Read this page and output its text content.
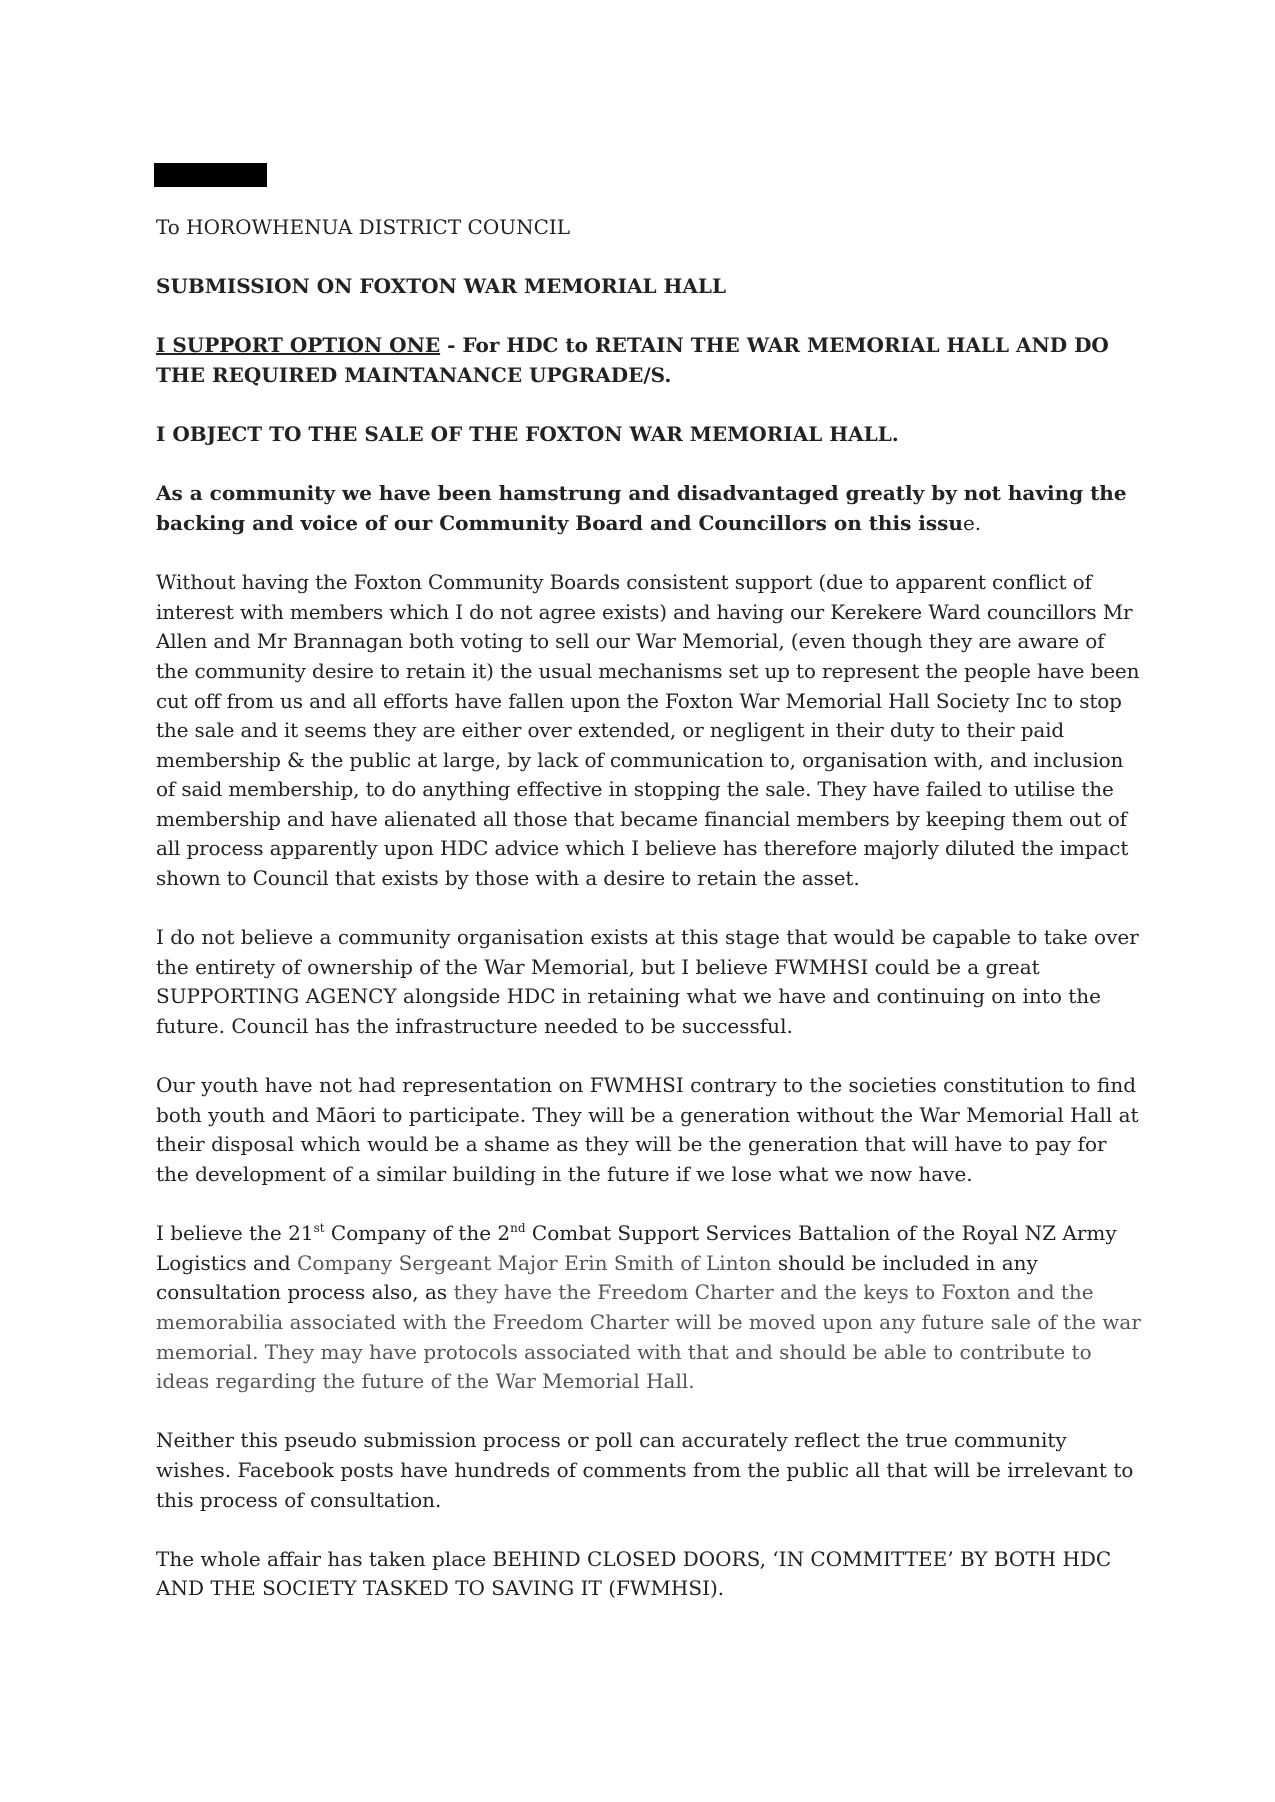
To HOROWHENUA DISTRICT COUNCIL

SUBMISSION ON FOXTON WAR MEMORIAL HALL

I SUPPORT OPTION ONE - For HDC to RETAIN THE WAR MEMORIAL HALL AND DO THE REQUIRED MAINTANANCE UPGRADE/S.

I OBJECT TO THE SALE OF THE FOXTON WAR MEMORIAL HALL.

As a community we have been hamstrung and disadvantaged greatly by not having the backing and voice of our Community Board and Councillors on this issue.

Without having the Foxton Community Boards consistent support (due to apparent conflict of interest with members which I do not agree exists) and having our Kerekere Ward councillors Mr Allen and Mr Brannagan both voting to sell our War Memorial, (even though they are aware of the community desire to retain it) the usual mechanisms set up to represent the people have been cut off from us and all efforts have fallen upon the Foxton War Memorial Hall Society Inc to stop the sale and it seems they are either over extended, or negligent in their duty to their paid membership & the public at large, by lack of communication to, organisation with, and inclusion of said membership, to do anything effective in stopping the sale. They have failed to utilise the membership and have alienated all those that became financial members by keeping them out of all process apparently upon HDC advice which I believe has therefore majorly diluted the impact shown to Council that exists by those with a desire to retain the asset.

I do not believe a community organisation exists at this stage that would be capable to take over the entirety of ownership of the War Memorial, but I believe FWMHSI could be a great SUPPORTING AGENCY alongside HDC in retaining what we have and continuing on into the future. Council has the infrastructure needed to be successful.

Our youth have not had representation on FWMHSI contrary to the societies constitution to find both youth and Māori to participate. They will be a generation without the War Memorial Hall at their disposal which would be a shame as they will be the generation that will have to pay for the development of a similar building in the future if we lose what we now have.

I believe the 21st Company of the 2nd Combat Support Services Battalion of the Royal NZ Army Logistics and Company Sergeant Major Erin Smith of Linton should be included in any consultation process also, as they have the Freedom Charter and the keys to Foxton and the memorabilia associated with the Freedom Charter will be moved upon any future sale of the war memorial. They may have protocols associated with that and should be able to contribute to ideas regarding the future of the War Memorial Hall.

Neither this pseudo submission process or poll can accurately reflect the true community wishes. Facebook posts have hundreds of comments from the public all that will be irrelevant to this process of consultation.

The whole affair has taken place BEHIND CLOSED DOORS, ‘IN COMMITTEE’ BY BOTH HDC AND THE SOCIETY TASKED TO SAVING IT (FWMHSI).
